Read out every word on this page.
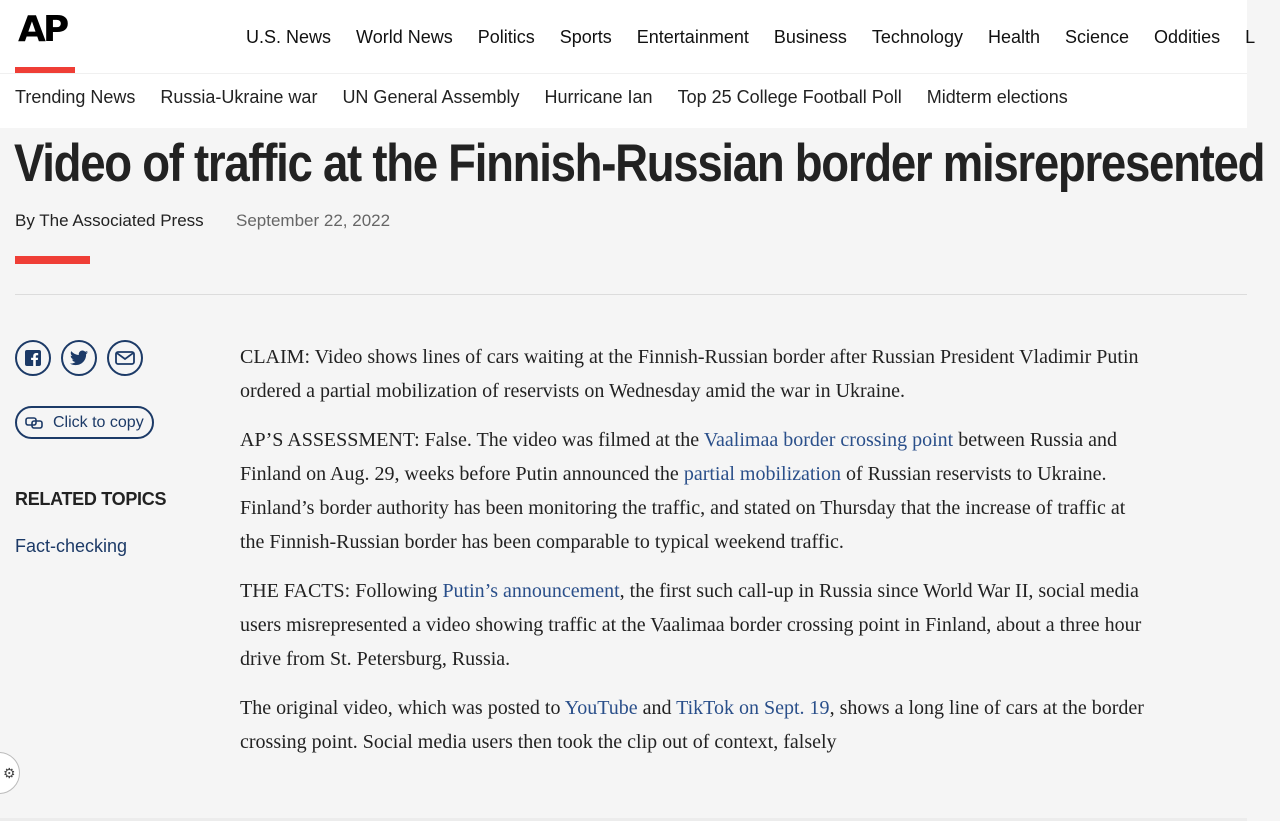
AP	U.S. News World News Politics Sports Entertainment Business Technology Health Science Oddities L
Trending News Russia-Ukraine war UN General Assembly Hurricane Ian Top 25 College Football Poll Midterm elections
Video of traffic at the Finnish-Russian border misrepresented
By The Associated Press September 22, 2022
Click to copy
RELATED TOPICS
Fact-checking

CLAIM: Video shows lines of cars waiting at the Finnish-Russian border after Russian President Vladimir Putin ordered a partial mobilization of reservists on Wednesday amid the war in Ukraine.

AP’S ASSESSMENT: False. The video was filmed at the Vaalimaa border crossing point between Russia and Finland on Aug. 29, weeks before Putin announced the partial mobilization of Russian reservists to Ukraine. Finland’s border authority has been monitoring the traffic, and stated on Thursday that the increase of traffic at the Finnish-Russian border has been comparable to typical weekend traffic.

THE FACTS: Following Putin’s announcement, the first such call-up in Russia since World War II, social media users misrepresented a video showing traffic at the Vaalimaa border crossing point in Finland, about a three hour drive from St. Petersburg, Russia.

The original video, which was posted to YouTube and TikTok on Sept. 19, shows a long line of cars at the border crossing point. Social media users then took the clip out of context, falsely

⚙
